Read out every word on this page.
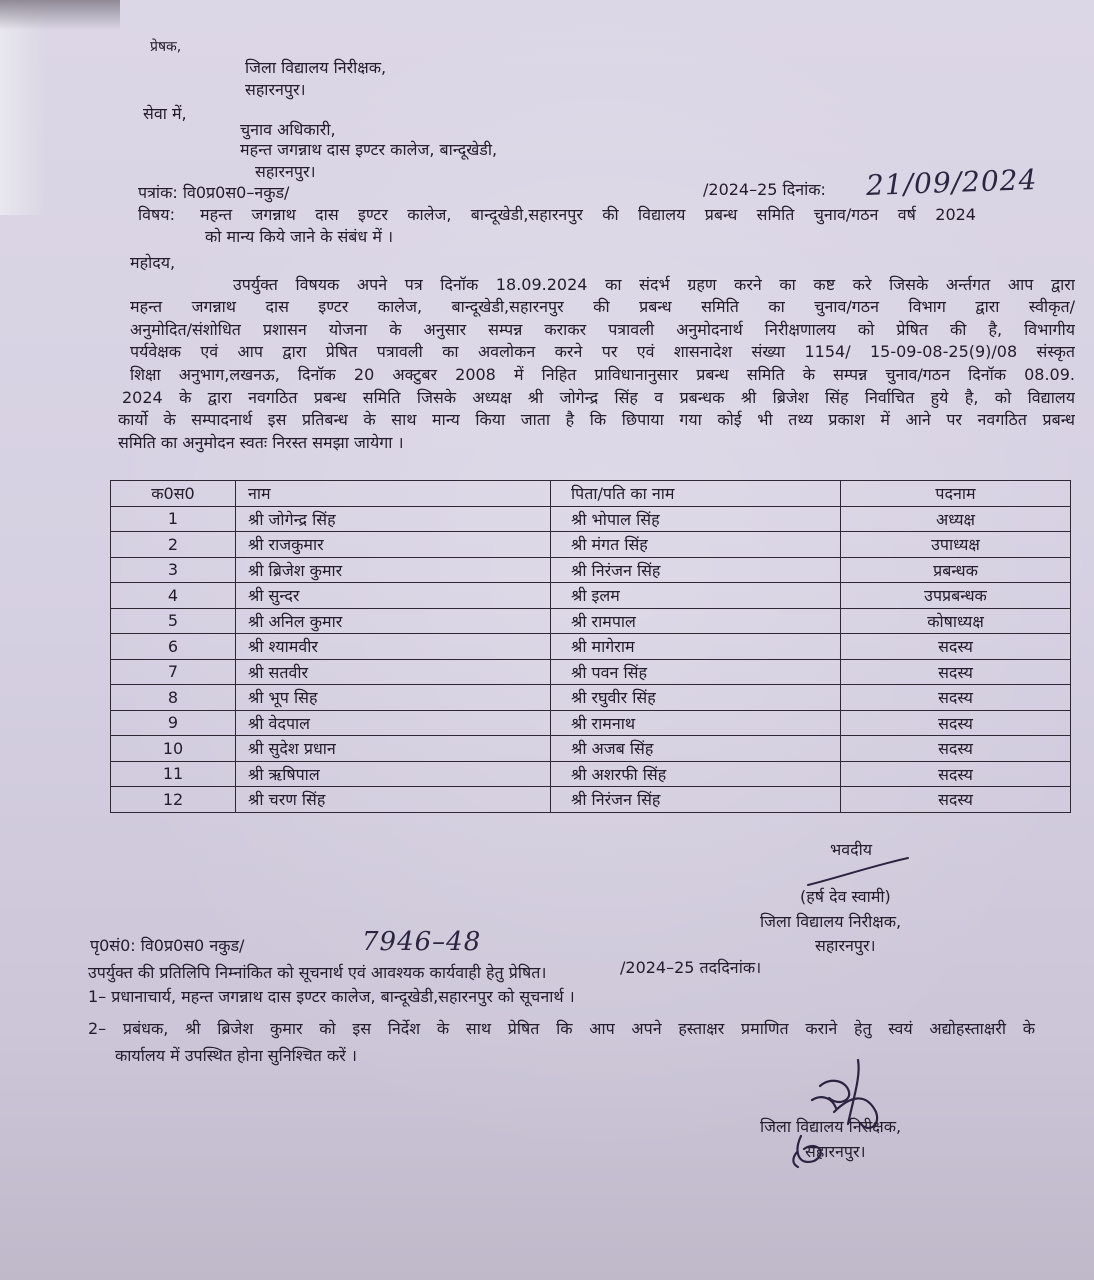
प्रेषक,
जिला विद्यालय निरीक्षक,
सहारनपुर।
सेवा में,
चुनाव अधिकारी,
महन्त जगन्नाथ दास इण्टर कालेज, बान्दूखेडी,
सहारनपुर।
पत्रांक: वि0प्र0स0–नकुड/	/2024–25 दिनांक: 21/09/2024
विषय: महन्त जगन्नाथ दास इण्टर कालेज, बान्दूखेडी,सहारनपुर की विद्यालय प्रबन्ध समिति चुनाव/गठन वर्ष 2024
को मान्य किये जाने के संबंध में ।
महोदय,
उपर्युक्त विषयक अपने पत्र दिनॉक 18.09.2024 का संदर्भ ग्रहण करने का कष्ट करे जिसके अर्न्तगत आप द्वारा
महन्त जगन्नाथ दास इण्टर कालेज, बान्दूखेडी,सहारनपुर की प्रबन्ध समिति का चुनाव/गठन विभाग द्वारा स्वीकृत/
अनुमोदित/संशोधित प्रशासन योजना के अनुसार सम्पन्न कराकर पत्रावली अनुमोदनार्थ निरीक्षणालय को प्रेषित की है, विभागीय
पर्यवेक्षक एवं आप द्वारा प्रेषित पत्रावली का अवलोकन करने पर एवं शासनादेश संख्या 1154/ 15-09-08-25(9)/08 संस्कृत
शिक्षा अनुभाग,लखनऊ, दिनॉक 20 अक्टुबर 2008 में निहित प्राविधानानुसार प्रबन्ध समिति के सम्पन्न चुनाव/गठन दिनॉक 08.09.
2024 के द्वारा नवगठित प्रबन्ध समिति जिसके अध्यक्ष श्री जोगेन्द्र सिंह व प्रबन्धक श्री ब्रिजेश सिंह निर्वाचित हुये है, को विद्यालय
कार्यो के सम्पादनार्थ इस प्रतिबन्ध के साथ मान्य किया जाता है कि छिपाया गया कोई भी तथ्य प्रकाश में आने पर नवगठित प्रबन्ध
समिति का अनुमोदन स्वतः निरस्त समझा जायेगा ।
क0स0	नाम	पिता/पति का नाम	पदनाम
1	श्री जोगेन्द्र सिंह	श्री भोपाल सिंह	अध्यक्ष
2	श्री राजकुमार	श्री मंगत सिंह	उपाध्यक्ष
3	श्री ब्रिजेश कुमार	श्री निरंजन सिंह	प्रबन्धक
4	श्री सुन्दर	श्री इलम	उपप्रबन्धक
5	श्री अनिल कुमार	श्री रामपाल	कोषाध्यक्ष
6	श्री श्यामवीर	श्री मागेराम	सदस्य
7	श्री सतवीर	श्री पवन सिंह	सदस्य
8	श्री भूप सिह	श्री रघुवीर सिंह	सदस्य
9	श्री वेदपाल	श्री रामनाथ	सदस्य
10	श्री सुदेश प्रधान	श्री अजब सिंह	सदस्य
11	श्री ऋषिपाल	श्री अशरफी सिंह	सदस्य
12	श्री चरण सिंह	श्री निरंजन सिंह	सदस्य
भवदीय
(हर्ष देव स्वामी)
जिला विद्यालय निरीक्षक,
सहारनपुर।
पृ0सं0: वि0प्र0स0 नकुड/	7946–48
/2024–25 तददिनांक।
उपर्युक्त की प्रतिलिपि निम्नांकित को सूचनार्थ एवं आवश्यक कार्यवाही हेतु प्रेषित।
1– प्रधानाचार्य, महन्त जगन्नाथ दास इण्टर कालेज, बान्दूखेडी,सहारनपुर को सूचनार्थ ।
2– प्रबंधक, श्री ब्रिजेश कुमार को इस निर्देश के साथ प्रेषित कि आप अपने हस्ताक्षर प्रमाणित कराने हेतु स्वयं अद्योहस्ताक्षरी के
कार्यालय में उपस्थित होना सुनिश्चित करें ।
जिला विद्यालय निरीक्षक,
सहारनपुर।
